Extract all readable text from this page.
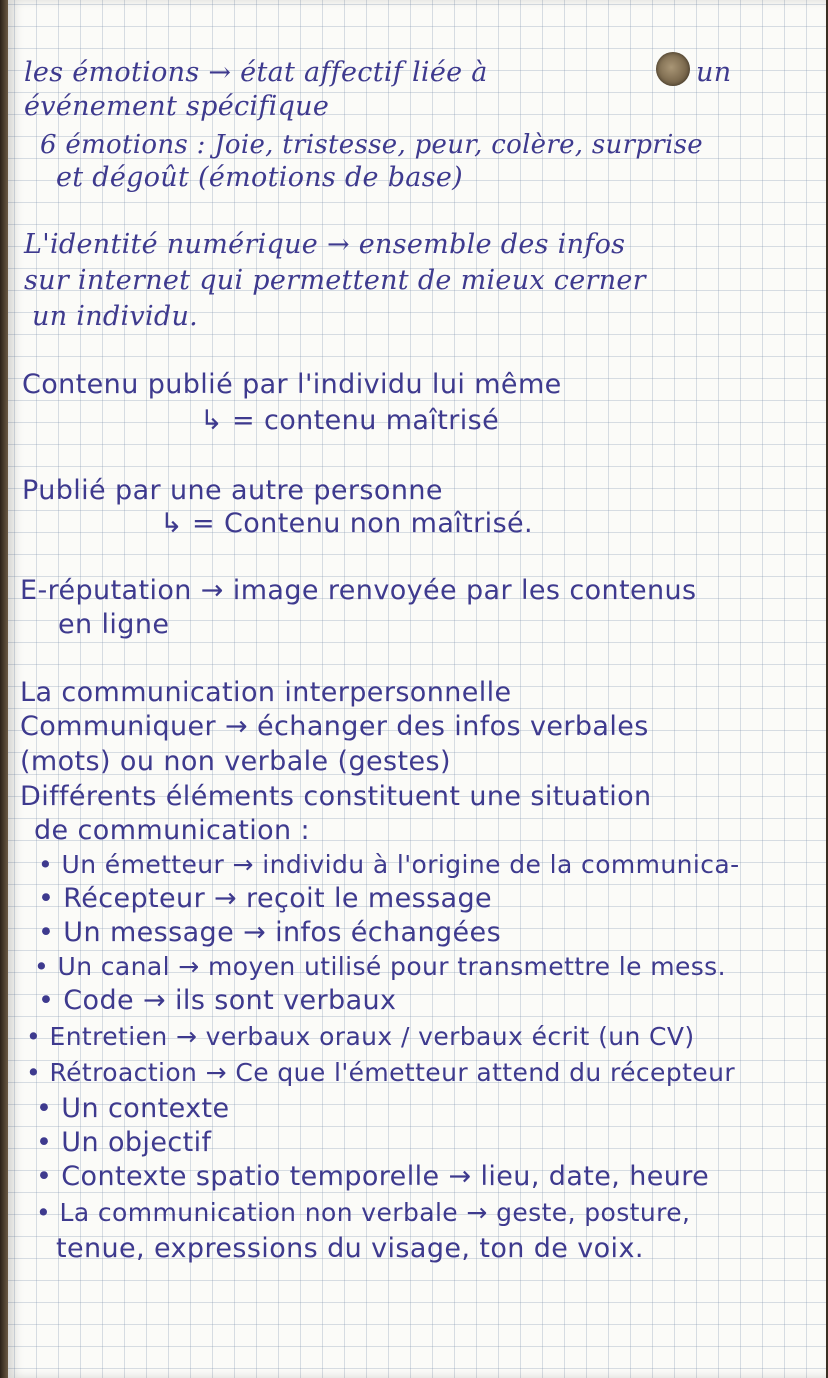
les émotions → état affectif liée à	un
événement spécifique
6 émotions : Joie, tristesse, peur, colère, surprise
et dégoût (émotions de base)
L'identité numérique → ensemble des infos
sur internet qui permettent de mieux cerner
un individu.
Contenu publié par l'individu lui même
↳ = contenu maîtrisé
Publié par une autre personne
↳ = Contenu non maîtrisé.
E-réputation → image renvoyée par les contenus
en ligne
La communication interpersonnelle
Communiquer → échanger des infos verbales
(mots) ou non verbale (gestes)
Différents éléments constituent une situation
de communication :
• Un émetteur → individu à l'origine de la communica-
• Récepteur → reçoit le message
• Un message → infos échangées
• Un canal → moyen utilisé pour transmettre le mess.
• Code → ils sont verbaux
• Entretien → verbaux oraux / verbaux écrit (un CV)
• Rétroaction → Ce que l'émetteur attend du récepteur
• Un contexte
• Un objectif
• Contexte spatio temporelle → lieu, date, heure
• La communication non verbale → geste, posture,
tenue, expressions du visage, ton de voix.
